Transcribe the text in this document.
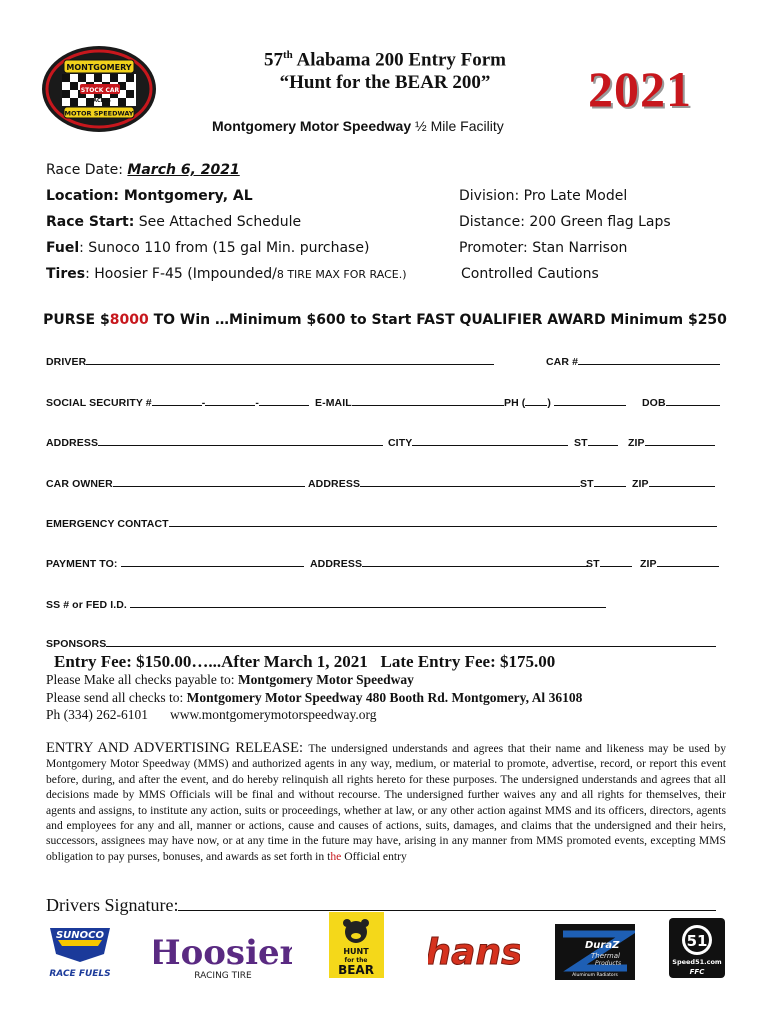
MONTGOMERY
STOCK CAR
RACING
MOTOR SPEEDWAY
57th Alabama 200 Entry Form
“Hunt for the BEAR 200”	2021
Montgomery Motor Speedway ½ Mile Facility
Race Date: March 6, 2021
Location: Montgomery, AL
Race Start: See Attached Schedule
Fuel: Sunoco 110 from (15 gal Min. purchase)
Tires: Hoosier F-45 (Impounded/8 TIRE MAX FOR RACE.)
Division: Pro Late Model
Distance: 200 Green flag Laps
Promoter: Stan Narrison
Controlled Cautions
PURSE $8000 TO Win …Minimum $600 to Start FAST QUALIFIER AWARD Minimum $250
DRIVER	CAR #
SOCIAL SECURITY #	-	-	E-MAIL	PH ( )	DOB
ADDRESS	CITY	ST	ZIP
CAR OWNER	ADDRESS	ST	ZIP
EMERGENCY CONTACT
PAYMENT TO:	ADDRESS	ST	ZIP
SS # or FED I.D.
SPONSORS
Entry Fee: $150.00…...After March 1, 2021   Late Entry Fee: $175.00
Please Make all checks payable to: Montgomery Motor Speedway
Please send all checks to: Montgomery Motor Speedway 480 Booth Rd. Montgomery, Al 36108
Ph (334) 262-6101 www.montgomerymotorspeedway.org
ENTRY AND ADVERTISING RELEASE: The undersigned understands and agrees that their name and likeness may be used by Montgomery Motor Speedway (MMS) and authorized agents in any way, medium, or material to promote, advertise, record, or report this event before, during, and after the event, and do hereby relinquish all rights hereto for these purposes. The undersigned understands and agrees that all decisions made by MMS Officials will be final and without recourse. The undersigned further waives any and all rights for themselves, their agents and assigns, to institute any action, suits or proceedings, whether at law, or any other action against MMS and its officers, directors, agents and employees for any and all, manner or actions, cause and causes of actions, suits, damages, and claims that the undersigned and their heirs, successors, assignees may have now, or at any time in the future may have, arising in any manner from MMS promoted events, excepting MMS obligation to pay purses, bonuses, and awards as set forth in the Official entry
Drivers Signature:
SUNOCO
RACE FUELS
Hoosier
RACING TIRE
HUNT
for the
BEAR hans	DuraZ
Thermal
Products
Aluminum Radiators
51
Speed51.com
FFC
